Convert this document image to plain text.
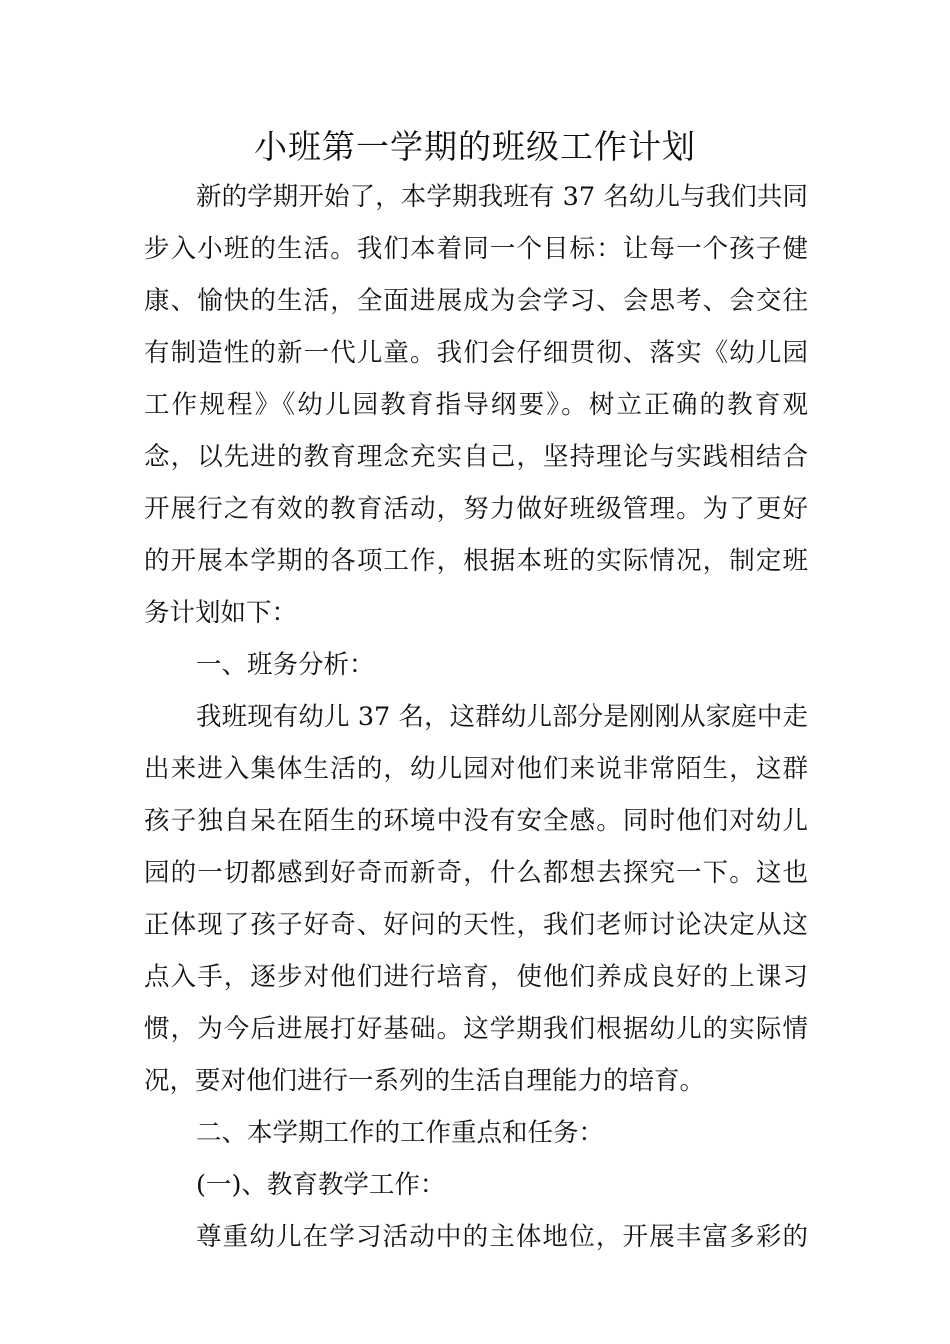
小班第一学期的班级工作计划
新的学期开始了，本学期我班有 37 名幼儿与我们共同
步入小班的生活。我们本着同一个目标：让每一个孩子健
康、愉快的生活，全面进展成为会学习、会思考、会交往
有制造性的新一代儿童。我们会仔细贯彻、落实《幼儿园
工作规程》《幼儿园教育指导纲要》。树立正确的教育观
念，以先进的教育理念充实自己，坚持理论与实践相结合
开展行之有效的教育活动，努力做好班级管理。为了更好
的开展本学期的各项工作，根据本班的实际情况，制定班
务计划如下：
一、班务分析：
我班现有幼儿 37 名，这群幼儿部分是刚刚从家庭中走
出来进入集体生活的，幼儿园对他们来说非常陌生，这群
孩子独自呆在陌生的环境中没有安全感。同时他们对幼儿
园的一切都感到好奇而新奇，什么都想去探究一下。这也
正体现了孩子好奇、好问的天性，我们老师讨论决定从这
点入手，逐步对他们进行培育，使他们养成良好的上课习
惯，为今后进展打好基础。这学期我们根据幼儿的实际情
况，要对他们进行一系列的生活自理能力的培育。
二、本学期工作的工作重点和任务：
(一)、教育教学工作：
尊重幼儿在学习活动中的主体地位，开展丰富多彩的
